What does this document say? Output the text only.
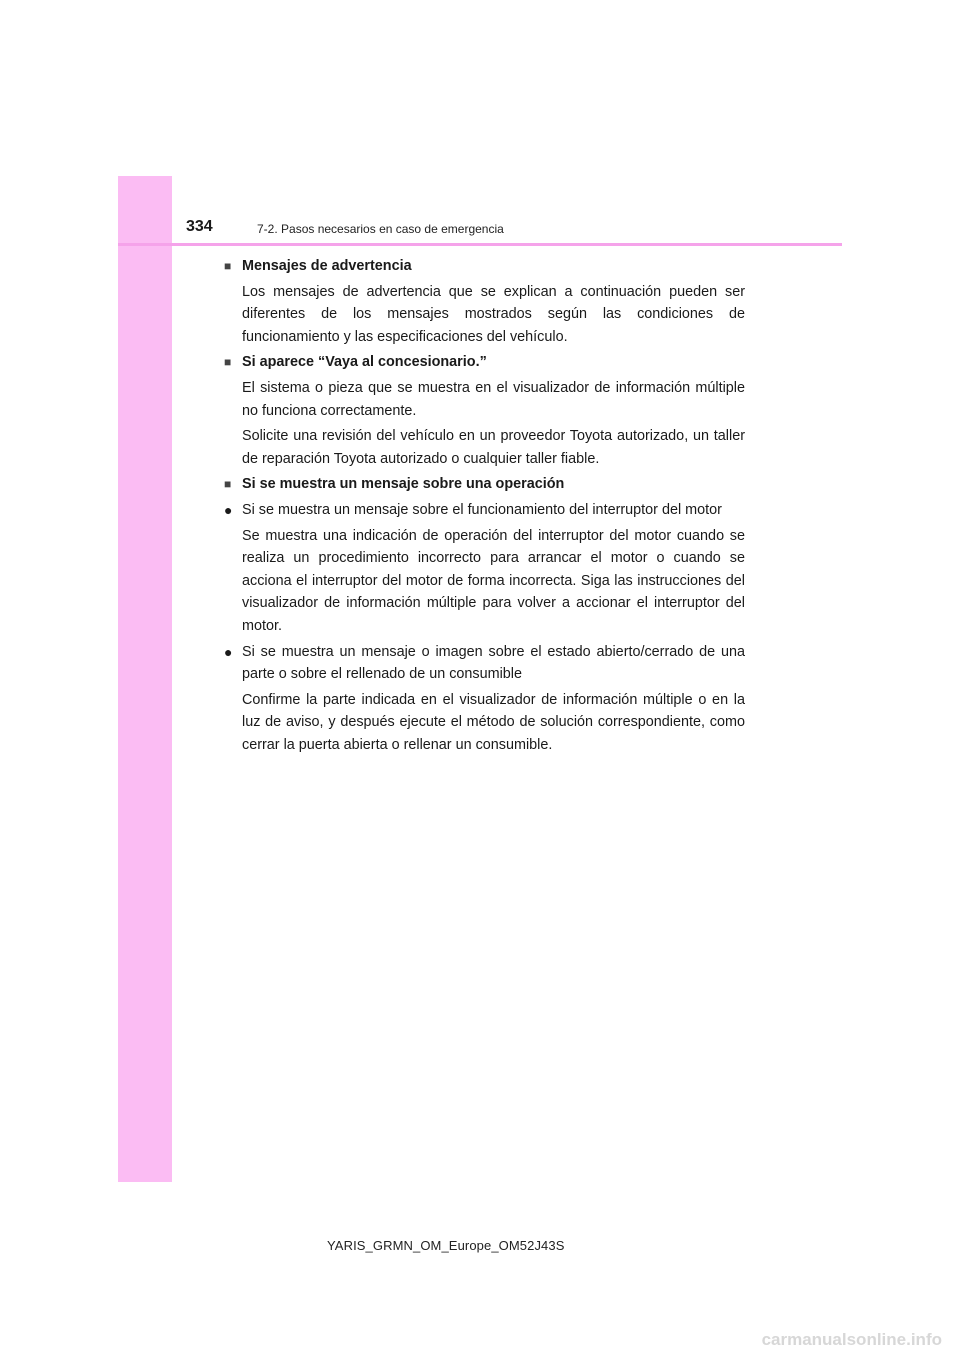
334	7-2. Pasos necesarios en caso de emergencia
■ Mensajes de advertencia
Los mensajes de advertencia que se explican a continuación pueden ser diferentes de los mensajes mostrados según las condiciones de funcionamiento y las especificaciones del vehículo.
■ Si aparece “Vaya al concesionario.”
El sistema o pieza que se muestra en el visualizador de información múltiple no funciona correctamente.
Solicite una revisión del vehículo en un proveedor Toyota autorizado, un taller de reparación Toyota autorizado o cualquier taller fiable.
■ Si se muestra un mensaje sobre una operación
● Si se muestra un mensaje sobre el funcionamiento del interruptor del motor
Se muestra una indicación de operación del interruptor del motor cuando se realiza un procedimiento incorrecto para arrancar el motor o cuando se acciona el interruptor del motor de forma incorrecta. Siga las instrucciones del visualizador de información múltiple para volver a accionar el interruptor del motor.
● Si se muestra un mensaje o imagen sobre el estado abierto/cerrado de una parte o sobre el rellenado de un consumible
Confirme la parte indicada en el visualizador de información múltiple o en la luz de aviso, y después ejecute el método de solución correspondiente, como cerrar la puerta abierta o rellenar un consumible.
YARIS_GRMN_OM_Europe_OM52J43S
carmanualsonline.info
